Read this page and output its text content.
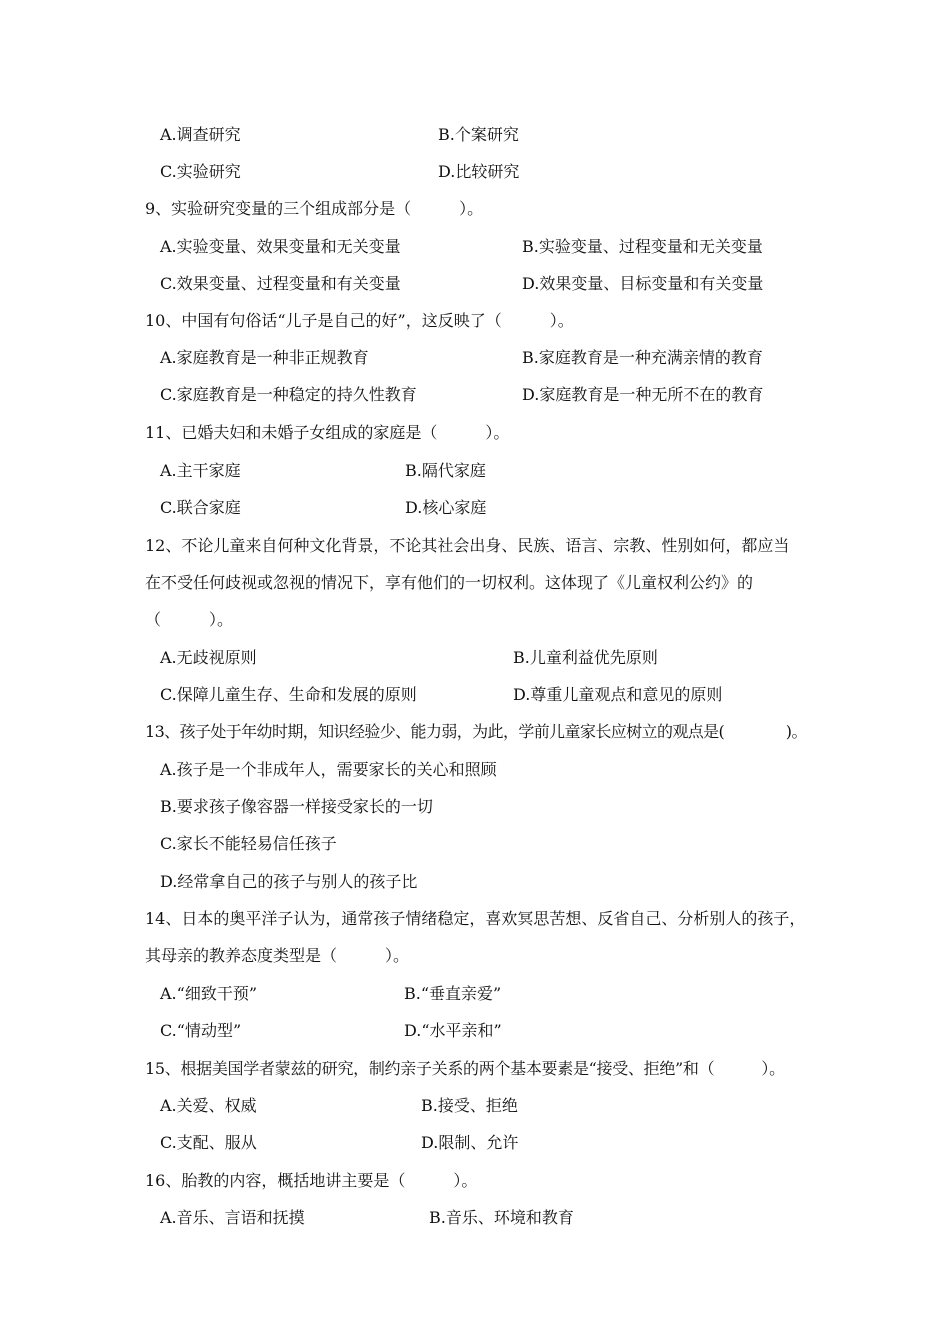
A.调查研究	B.个案研究
C.实验研究	D.比较研究
9、实验研究变量的三个组成部分是（　　　）。
A.实验变量、效果变量和无关变量	B.实验变量、过程变量和无关变量
C.效果变量、过程变量和有关变量	D.效果变量、目标变量和有关变量
10、中国有句俗话“儿子是自己的好”，这反映了（　　　）。
A.家庭教育是一种非正规教育	B.家庭教育是一种充满亲情的教育
C.家庭教育是一种稳定的持久性教育	D.家庭教育是一种无所不在的教育
11、已婚夫妇和未婚子女组成的家庭是（　　　）。
A.主干家庭	B.隔代家庭
C.联合家庭	D.核心家庭
12、不论儿童来自何种文化背景，不论其社会出身、民族、语言、宗教、性别如何，都应当
在不受任何歧视或忽视的情况下，享有他们的一切权利。这体现了《儿童权利公约》的
（　　　）。
A.无歧视原则	B.儿童利益优先原则
C.保障儿童生存、生命和发展的原则	D.尊重儿童观点和意见的原则
13、孩子处于年幼时期，知识经验少、能力弱，为此，学前儿童家长应树立的观点是(　　　　)。
A.孩子是一个非成年人，需要家长的关心和照顾
B.要求孩子像容器一样接受家长的一切
C.家长不能轻易信任孩子
D.经常拿自己的孩子与别人的孩子比
14、日本的奥平洋子认为，通常孩子情绪稳定，喜欢冥思苦想、反省自己、分析别人的孩子，
其母亲的教养态度类型是（　　　）。
A.“细致干预”	B.“垂直亲爱”
C.“情动型”	D.“水平亲和”
15、根据美国学者蒙兹的研究，制约亲子关系的两个基本要素是“接受、拒绝”和（　　　）。
A.关爱、权威	B.接受、拒绝
C.支配、服从	D.限制、允许
16、胎教的内容，概括地讲主要是（　　　）。
A.音乐、言语和抚摸	B.音乐、环境和教育
